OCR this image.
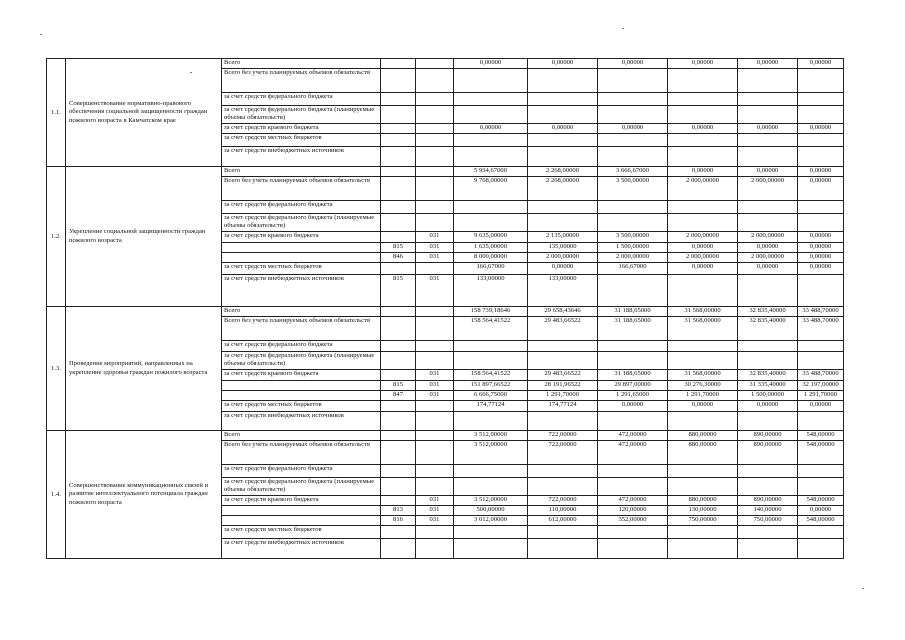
1.1.	Совершенствование нормативно-правового обеспечения социальной защищенности граждан пожилого возраста в Камчатском крае	Всего			0,00000	0,00000	0,00000	0,00000	0,00000	0,00000
		Всего без учета планируемых объемов обязательств								
		за счет средств федерального бюджета								
		за счет средств федерального бюджета (планируемые объемы обязательств)								
		за счет средств краевого бюджета			0,00000	0,00000	0,00000	0,00000	0,00000	0,00000
		за счет средств местных бюджетов								
		за счет средств внебюджетных источников								
1.2.	Укрепление социальной защищенности граждан пожилого возраста	Всего			5 934,67000	2 268,00000	3 666,67000	0,00000	0,00000	0,00000
		Всего без учета планируемых объемов обязательств			9 768,00000	2 268,00000	3 500,00000	2 000,00000	2 000,00000	0,00000
		за счет средств федерального бюджета								
		за счет средств федерального бюджета (планируемые объемы обязательств)								
		за счет средств краевого бюджета		031	9 635,00000	2 135,00000	3 500,00000	2 000,00000	2 000,00000	0,00000
			815	031	1 635,00000	135,00000	1 500,00000	0,00000	0,00000	0,00000
			846	031	8 000,00000	2 000,00000	2 000,00000	2 000,00000	2 000,00000	0,00000
		за счет средств местных бюджетов			166,67000	0,00000	166,67000	0,00000	0,00000	0,00000
		за счет средств внебюджетных источников	815	031	133,00000	133,00000				
1.3.	Проведение мероприятий, направленных на укрепление здоровья граждан пожилого возраста	Всего			158 739,18646	29 658,43646	31 188,65000	31 568,00000	32 835,40000	33 488,70000
		Всего без учета планируемых объемов обязательств			158 564,41522	29 483,66522	31 188,65000	31 568,00000	32 835,40000	33 488,70000
		за счет средств федерального бюджета								
		за счет средств федерального бюджета (планируемые объемы обязательств)								
		за счет средств краевого бюджета		031	158 564,41522	29 483,66522	31 188,65000	31 568,00000	32 835,40000	33 488,70000
			815	031	151 897,66522	28 191,96522	29 897,00000	30 276,30000	31 335,40000	32 197,00000
			847	031	6 666,75000	1 291,70000	1 291,65000	1 291,70000	1 500,00000	1 291,70000
		за счет средств местных бюджетов			174,77124	174,77124	0,00000	0,00000	0,00000	0,00000
		за счет средств внебюджетных источников								
1.4.	Совершенствование коммуникационных связей и развитие интеллектуального потенциала граждан пожилого возраста	Всего			3 512,00000	722,00000	472,00000	880,00000	890,00000	548,00000
		Всего без учета планируемых объемов обязательств			3 512,00000	722,00000	472,00000	880,00000	890,00000	548,00000
		за счет средств федерального бюджета								
		за счет средств федерального бюджета (планируемые объемы обязательств)								
		за счет средств краевого бюджета		031	3 512,00000	722,00000	472,00000	880,00000	890,00000	548,00000
			813	031	500,00000	110,00000	120,00000	130,00000	140,00000	0,00000
			816	031	3 012,00000	612,00000	352,00000	750,00000	750,00000	548,00000
		за счет средств местных бюджетов								
		за счет средств внебюджетных источников								
